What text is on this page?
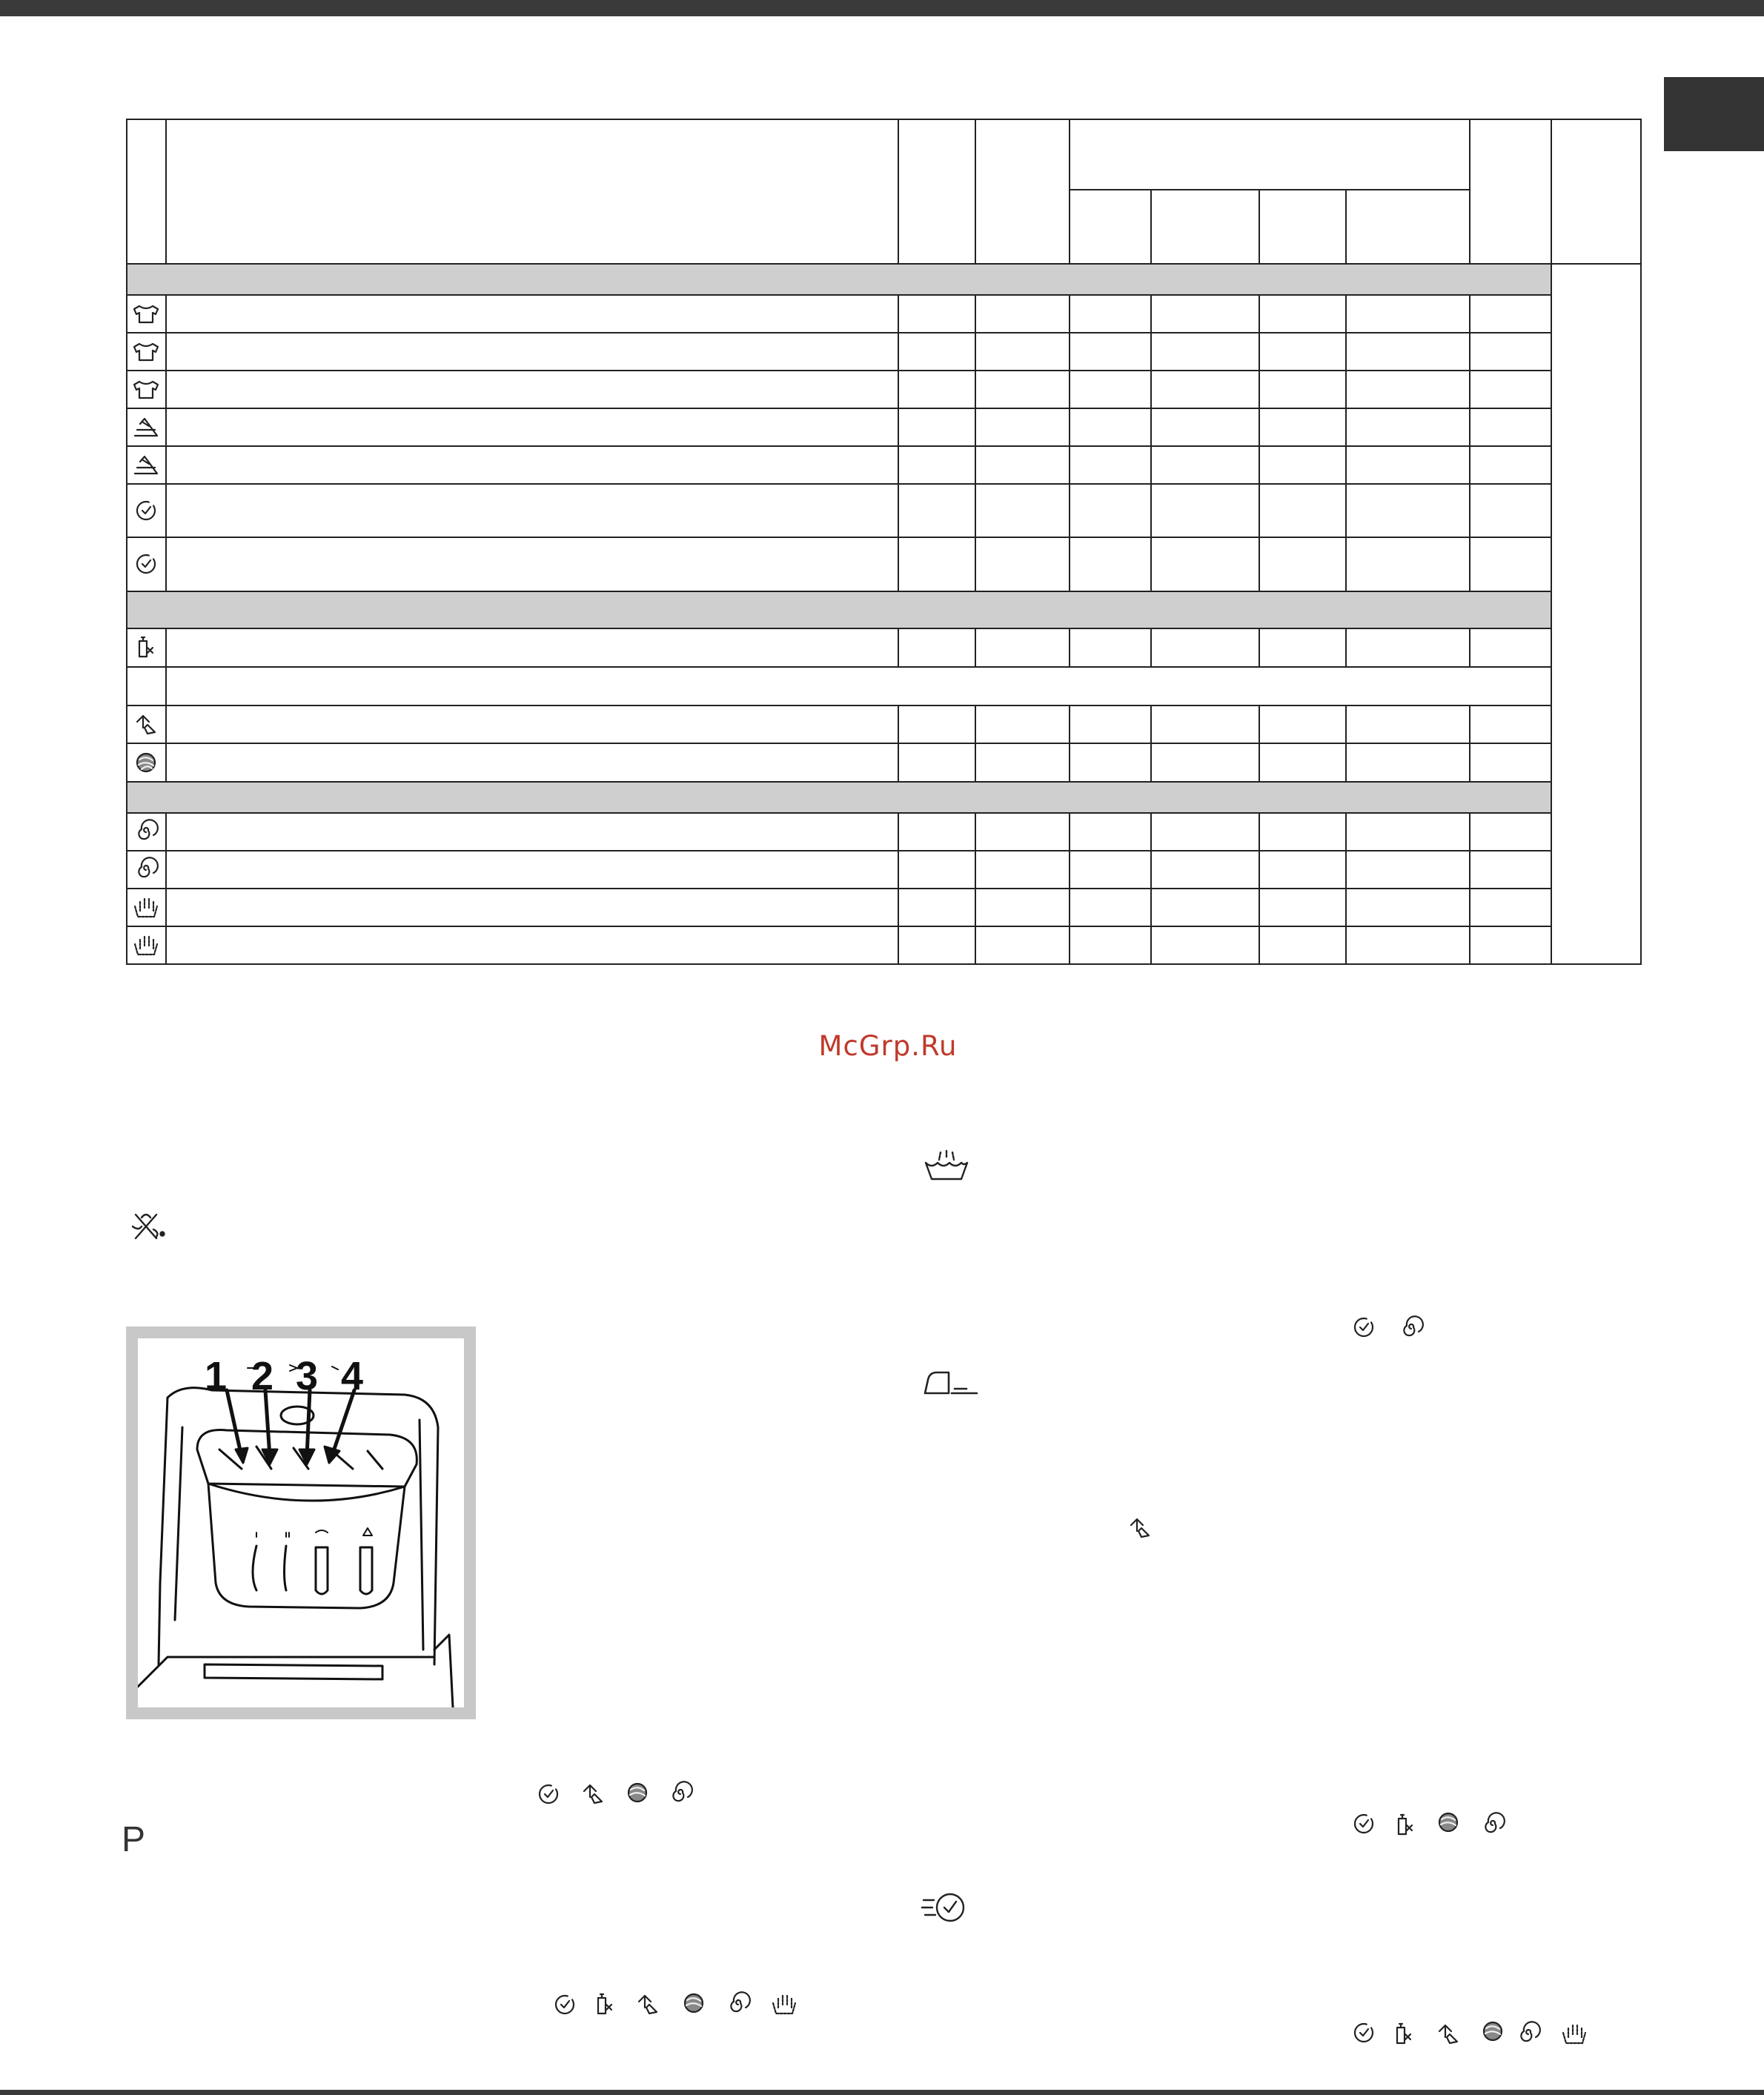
McGrp.Ru
1 2 3 4
P
